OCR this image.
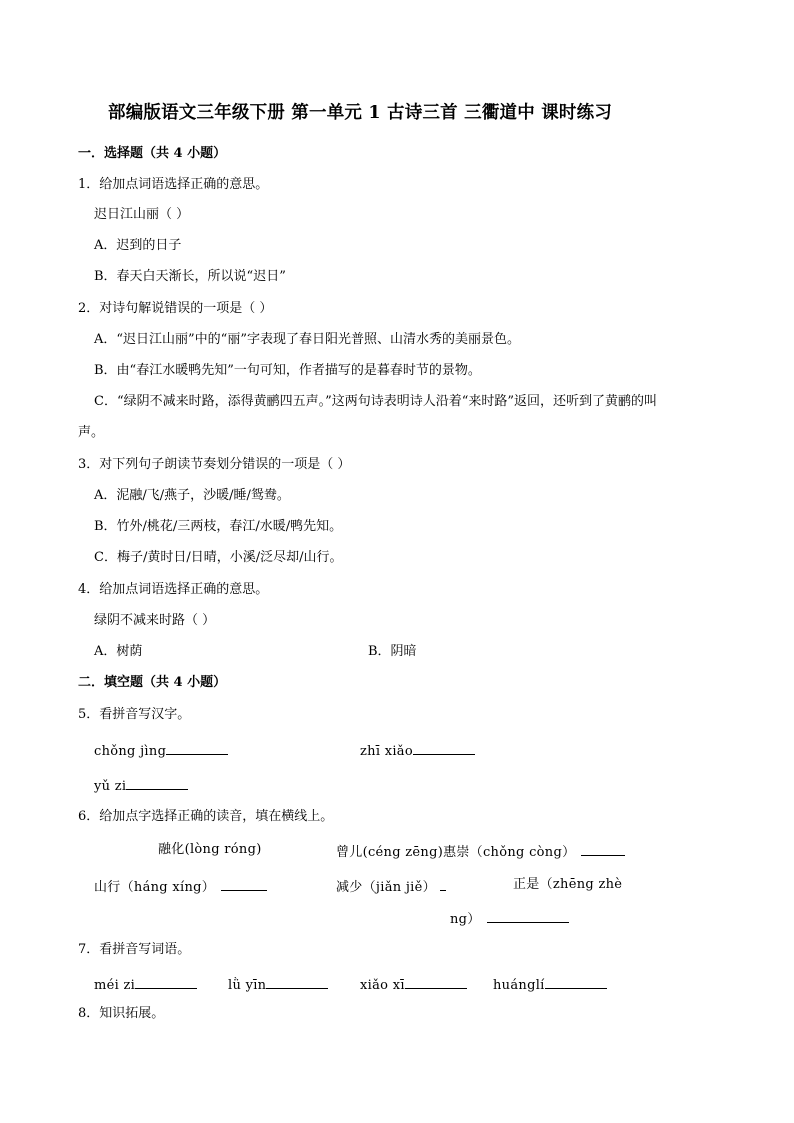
部编版语文三年级下册 第一单元 1 古诗三首 三衢道中 课时练习
一．选择题（共 4 小题）
1．给加点词语选择正确的意思。
迟日江山丽（ ）
A．迟到的日子
B．春天白天渐长，所以说“迟日”
2．对诗句解说错误的一项是（ ）
A．“迟日江山丽”中的“丽”字表现了春日阳光普照、山清水秀的美丽景色。
B．由“春江水暖鸭先知”一句可知，作者描写的是暮春时节的景物。
C．“绿阴不减来时路，添得黄鹂四五声。”这两句诗表明诗人沿着“来时路”返回，还听到了黄鹂的叫
声。
3．对下列句子朗读节奏划分错误的一项是（ ）
A．泥融/飞/燕子，沙暖/睡/鸳鸯。
B．竹外/桃花/三两枝，春江/水暖/鸭先知。
C．梅子/黄时日/日晴，小溪/泛尽却/山行。
4．给加点词语选择正确的意思。
绿阴不减来时路（ ）
A．树荫	B．阴暗
二．填空题（共 4 小题）
5．看拼音写汉字。
chǒng jìng	zhī xiǎo
yǔ zi
6．给加点字选择正确的读音，填在横线上。
融化(lòng róng)	曾儿(céng zēng)惠崇（chǒng còng）
山行（háng xíng）	减少（jiǎn jiě）	正是（zhēng zhè
ng）
7．看拼音写词语。
méi zi	lǜ yīn	xiǎo xī	huánglí
8．知识拓展。
